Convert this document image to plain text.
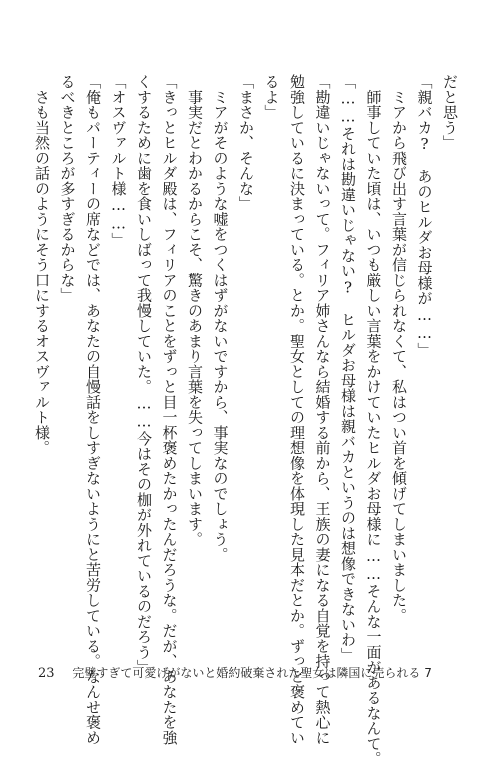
だと思う」
「親バカ?　あのヒルダお母様が……」
　ミアから飛び出す言葉が信じられなくて、私はつい首を傾げてしまいました。
　師事していた頃は、いつも厳しい言葉をかけていたヒルダお母様に……そんな一面があるなんて。
「……それは勘違いじゃない?　ヒルダお母様は親バカというのは想像できないわ」
「勘違いじゃないって。フィリア姉さんなら結婚する前から、王族の妻になる自覚を持って熱心に
勉強しているに決まっている。とか。聖女としての理想像を体現した見本だとか。ずっと褒めてい
るよ」
「まさか、そんな」
　ミアがそのような嘘をつくはずがないですから、事実なのでしょう。
　事実だとわかるからこそ、驚きのあまり言葉を失ってしまいます。
「きっとヒルダ殿は、フィリアのことをずっと目一杯褒めたかったんだろうな。だが、あなたを強
くするために歯を食いしばって我慢していた。……今はその枷が外れているのだろう」
「オスヴァルト様……」
「俺もパーティーの席などでは、あなたの自慢話をしすぎないようにと苦労している。なんせ褒め
るべきところが多すぎるからな」
　さも当然の話のようにそう口にするオスヴァルト様。
23 完璧すぎて可愛げがないと婚約破棄された聖女は隣国に売られる 7
